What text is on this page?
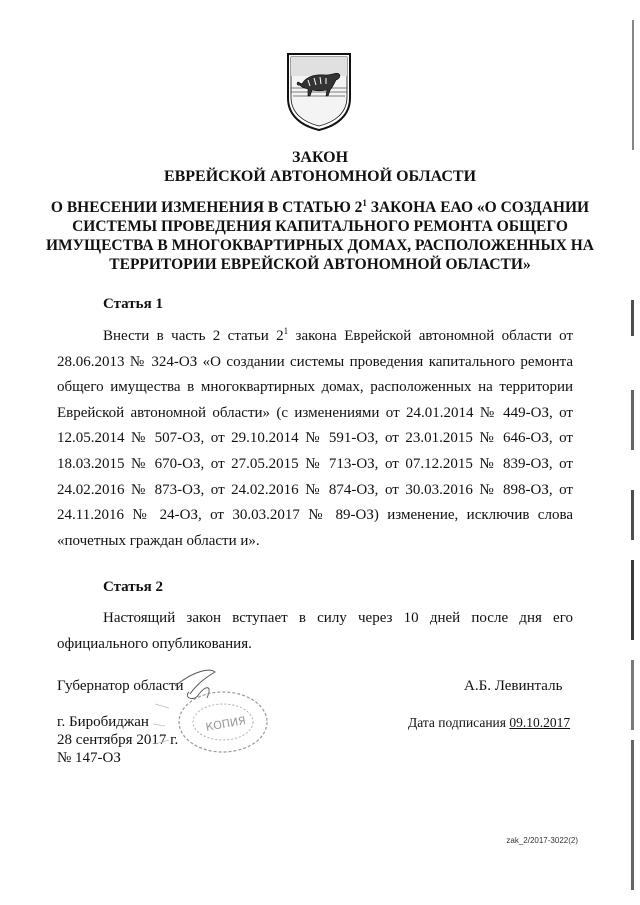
ЗАКОН
ЕВРЕЙСКОЙ АВТОНОМНОЙ ОБЛАСТИ
О ВНЕСЕНИИ ИЗМЕНЕНИЯ В СТАТЬЮ $2^1$ ЗАКОНА ЕАО «О СОЗДАНИИ СИСТЕМЫ ПРОВЕДЕНИЯ КАПИТАЛЬНОГО РЕМОНТА ОБЩЕГО ИМУЩЕСТВА В МНОГОКВАРТИРНЫХ ДОМАХ, РАСПОЛОЖЕННЫХ НА ТЕРРИТОРИИ ЕВРЕЙСКОЙ АВТОНОМНОЙ ОБЛАСТИ»
Статья 1
Внести в часть 2 статьи $2^1$ закона Еврейской автономной области от 28.06.2013 № 324-ОЗ «О создании системы проведения капитального ремонта общего имущества в многоквартирных домах, расположенных на территории Еврейской автономной области» (с изменениями от 24.01.2014 № 449-ОЗ, от 12.05.2014 № 507-ОЗ, от 29.10.2014 № 591-ОЗ, от 23.01.2015 № 646-ОЗ, от 18.03.2015 № 670-ОЗ, от 27.05.2015 № 713-ОЗ, от 07.12.2015 № 839-ОЗ, от 24.02.2016 № 873-ОЗ, от 24.02.2016 № 874-ОЗ, от 30.03.2016 № 898-ОЗ, от 24.11.2016 № 24-ОЗ, от 30.03.2017 № 89-ОЗ) изменение, исключив слова «почетных граждан области и».
Статья 2
Настоящий закон вступает в силу через 10 дней после дня его официального опубликования.
Губернатор области	А.Б. Левинталь
г. Биробиджан
28 сентября 2017 г.
№ 147-ОЗ
Дата подписания 09.10.2017
КОПИЯ
zak_2/2017-3022(2)
